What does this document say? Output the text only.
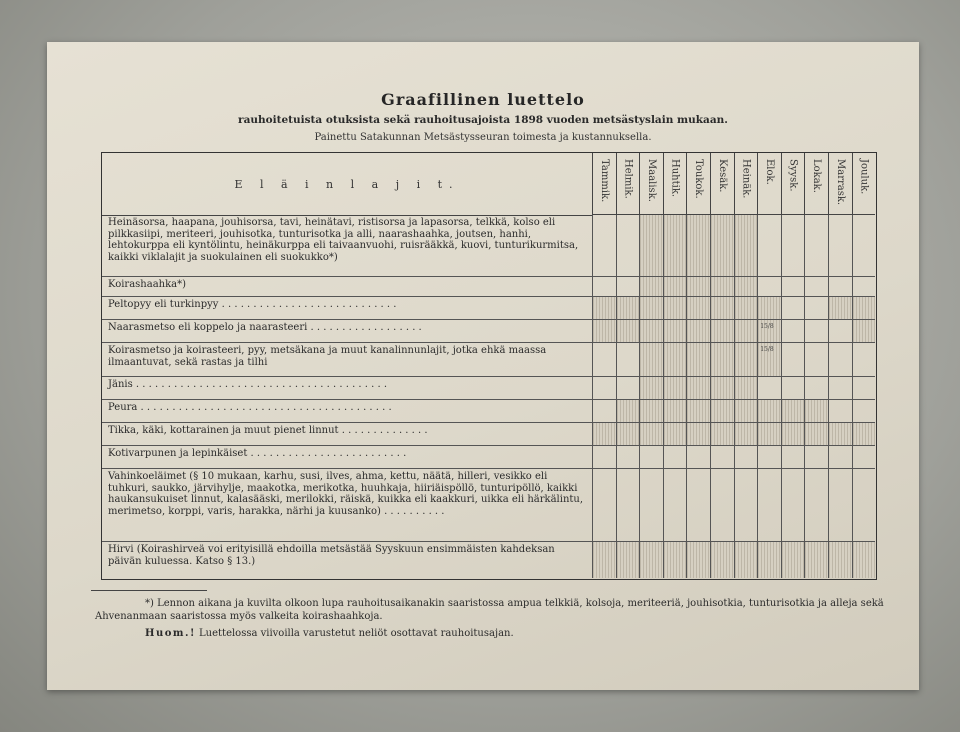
Graafillinen luettelo
rauhoitetuista otuksista sekä rauhoitusajoista 1898 vuoden metsästyslain mukaan.
Painettu Satakunnan Metsästysseuran toimesta ja kustannuksella.
E l ä i n l a j i t.	Tammik. Helmik. Maalisk. Huhtik. Toukok. Kesäk. Heinäk. Elok. Syysk. Lokak. Marrask. Jouluk.
Heinäsorsa, haapana, jouhisorsa, tavi, heinätavi, ristisorsa ja lapasorsa, telkkä, kolso eli pilkkasiipi, meriteeri, jouhisotka, tunturisotka ja alli, naarashaahka, joutsen, hanhi, lehtokurppa eli kyntölintu, heinäkurppa eli taivaanvuohi, ruisrääkkä, kuovi, tunturikurmitsa, kaikki viklalajit ja suokulainen eli suokukko*)
Koirashaahka*)
Peltopyy eli turkinpyy . . . . . . . . . . . . . . . . . . . . . . . . . . . .
Naarasmetso eli koppelo ja naarasteeri . . . . . . . . . . . . . . . . . .	15/8
Koirasmetso ja koirasteeri, pyy, metsäkana ja muut kanalinnunlajit, jotka ehkä maassa ilmaantuvat, sekä rastas ja tilhi
15/8
Jänis . . . . . . . . . . . . . . . . . . . . . . . . . . . . . . . . . . . . . . . .
Peura . . . . . . . . . . . . . . . . . . . . . . . . . . . . . . . . . . . . . . . .
Tikka, käki, kottarainen ja muut pienet linnut . . . . . . . . . . . . . .
Kotivarpunen ja lepinkäiset . . . . . . . . . . . . . . . . . . . . . . . . .
Vahinkoeläimet (§ 10 mukaan, karhu, susi, ilves, ahma, kettu, näätä, hilleri, vesikko eli tuhkuri, saukko, järvihylje, maakotka, merikotka, huuhkaja, hiiriäispöllö, tunturipöllö, kaikki haukansukuiset linnut, kalasääski, merilokki, räiskä, kuikka eli kaakkuri, uikka eli härkälintu, merimetso, korppi, varis, harakka, närhi ja kuusanko) . . . . . . . . . .
Hirvi (Koirashirveä voi erityisillä ehdoilla metsästää Syyskuun ensimmäisten kahdeksan päivän kuluessa. Katso § 13.)
*) Lennon aikana ja kuvilta olkoon lupa rauhoitusaikanakin saaristossa ampua telkkiä, kolsoja, meriteeriä, jouhisotkia, tunturisotkia ja alleja sekä Ahvenanmaan saaristossa myös valkeita koirashaahkoja.
Huom.! Luettelossa viivoilla varustetut neliöt osottavat rauhoitusajan.
